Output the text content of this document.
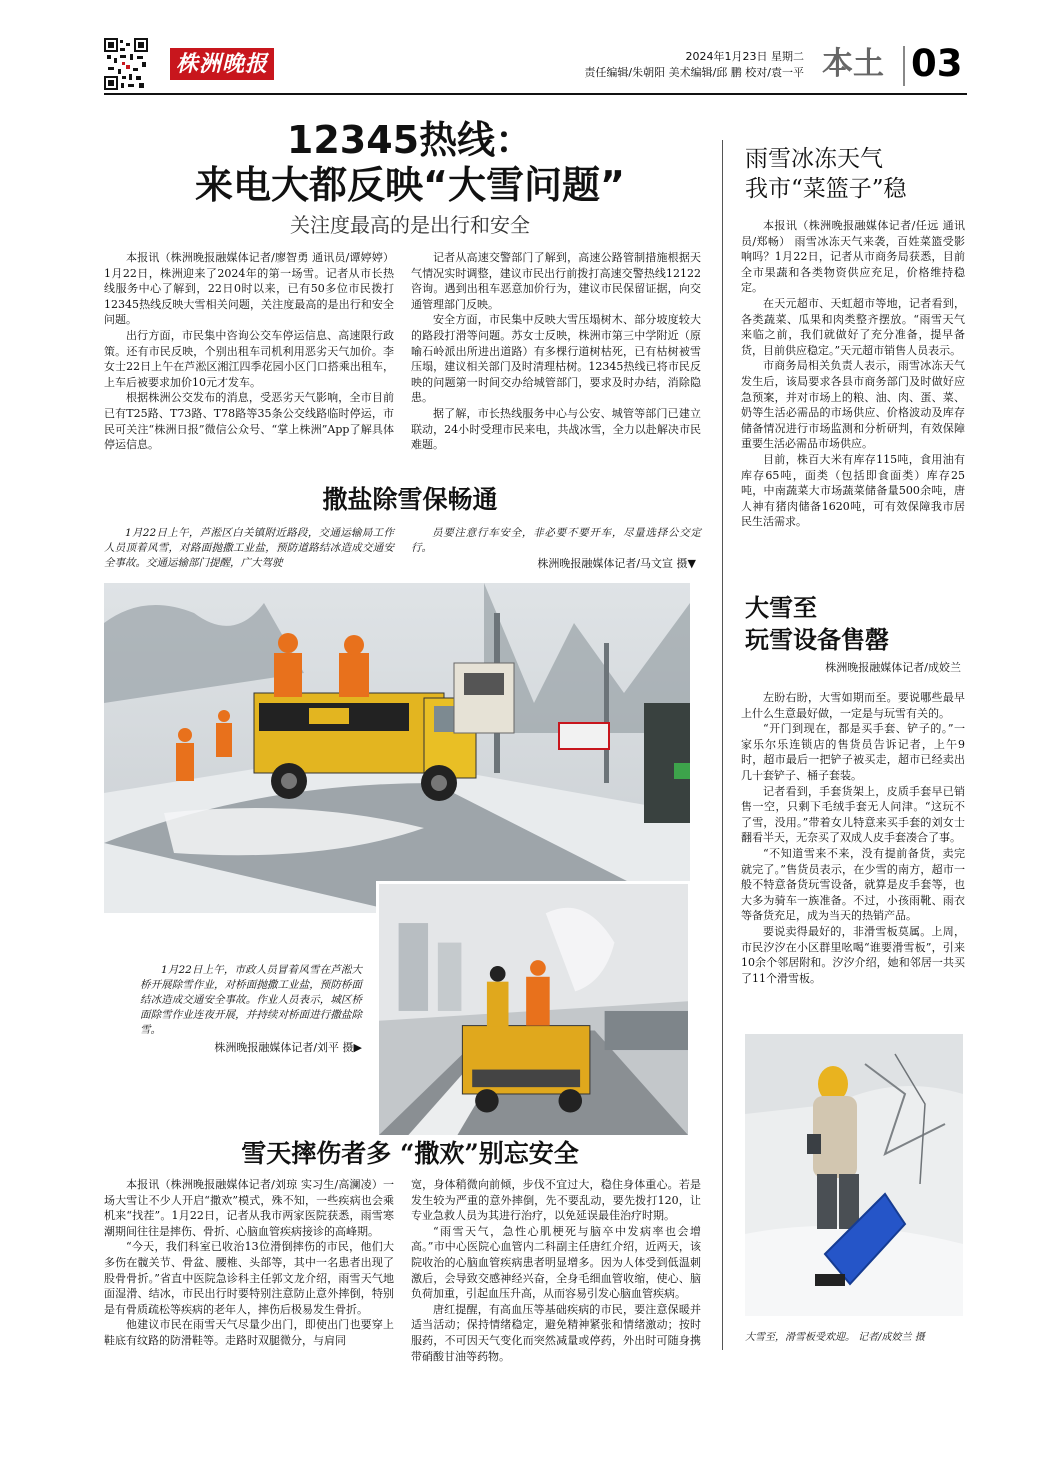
株洲晚报	2024年1月23日 星期二
责任编辑/朱朝阳 美术编辑/邱 鹏 校对/袁一平 本土 03
12345热线：
来电大都反映“大雪问题”
关注度最高的是出行和安全

本报讯（株洲晚报融媒体记者/廖智勇 通讯员/谭婷婷） 1月22日，株洲迎来了2024年的第一场雪。记者从市长热线服务中心了解到，22日0时以来，已有50多位市民拨打12345热线反映大雪相关问题，关注度最高的是出行和安全问题。

出行方面，市民集中咨询公交车停运信息、高速限行政策。还有市民反映，个别出租车司机利用恶劣天气加价。李女士22日上午在芦淞区湘江四季花园小区门口搭乘出租车，上车后被要求加价10元才发车。

根据株洲公交发布的消息，受恶劣天气影响，全市目前已有T25路、T73路、T78路等35条公交线路临时停运，市民可关注“株洲日报”微信公众号、“掌上株洲”App了解具体停运信息。

记者从高速交警部门了解到，高速公路管制措施根据天气情况实时调整，建议市民出行前拨打高速交警热线12122咨询。遇到出租车恶意加价行为，建议市民保留证据，向交通管理部门反映。

安全方面，市民集中反映大雪压塌树木、部分坡度较大的路段打滑等问题。苏女士反映，株洲市第三中学附近（原喻石岭派出所进出道路）有多棵行道树枯死，已有枯树被雪压塌，建议相关部门及时清理枯树。12345热线已将市民反映的问题第一时间交办给城管部门，要求及时办结，消除隐患。

据了解，市长热线服务中心与公安、城管等部门已建立联动，24小时受理市民来电，共战冰雪，全力以赴解决市民难题。

撒盐除雪保畅通

1月22日上午，芦淞区白关镇附近路段，交通运输局工作人员顶着风雪，对路面抛撒工业盐，预防道路结冰造成交通安全事故。交通运输部门提醒，广大驾驶

员要注意行车安全，非必要不要开车，尽量选择公交定行。

株洲晚报融媒体记者/马文宣 摄▼

1月22日上午，市政人员冒着风雪在芦淞大桥开展除雪作业，对桥面抛撒工业盐，预防桥面结冰造成交通安全事故。作业人员表示，城区桥面除雪作业连夜开展，并持续对桥面进行撒盐除雪。

株洲晚报融媒体记者/刘平 摄▶
雪天摔伤者多 “撒欢”别忘安全

本报讯（株洲晚报融媒体记者/刘琼 实习生/高澜凌）一场大雪让不少人开启“撒欢”模式，殊不知，一些疾病也会乘机来“找茬”。1月22日，记者从我市两家医院获悉，雨雪寒潮期间往往是摔伤、骨折、心脑血管疾病接诊的高峰期。

“今天，我们科室已收治13位滑倒摔伤的市民，他们大多伤在髋关节、骨盆、腰椎、头部等，其中一名患者出现了股骨骨折。”省直中医院急诊科主任郭文龙介绍，雨雪天气地面湿滑、结冰，市民出行时要特别注意防止意外摔倒，特别是有骨质疏松等疾病的老年人，摔伤后极易发生骨折。

他建议市民在雨雪天气尽量少出门，即使出门也要穿上鞋底有纹路的防滑鞋等。走路时双腿微分，与肩同

宽，身体稍微向前倾，步伐不宜过大，稳住身体重心。若是发生较为严重的意外摔倒，先不要乱动，要先拨打120，让专业急救人员为其进行治疗，以免延误最佳治疗时期。

“雨雪天气，急性心肌梗死与脑卒中发病率也会增高。”市中心医院心血管内二科副主任唐红介绍，近两天，该院收治的心脑血管疾病患者明显增多。因为人体受到低温刺激后，会导致交感神经兴奋，全身毛细血管收缩，使心、脑负荷加重，引起血压升高，从而容易引发心脑血管疾病。

唐红提醒，有高血压等基础疾病的市民，要注意保暖并适当活动；保持情绪稳定，避免精神紧张和情绪激动；按时服药，不可因天气变化而突然减量或停药，外出时可随身携带硝酸甘油等药物。

雨雪冰冻天气
我市“菜篮子”稳

本报讯（株洲晚报融媒体记者/任远 通讯员/郑畅） 雨雪冰冻天气来袭，百姓菜篮受影响吗？1月22日，记者从市商务局获悉，目前全市果蔬和各类物资供应充足，价格维持稳定。

在天元超市、天虹超市等地，记者看到，各类蔬菜、瓜果和肉类整齐摆放。“雨雪天气来临之前，我们就做好了充分准备，提早备货，目前供应稳定。”天元超市销售人员表示。

市商务局相关负责人表示，雨雪冰冻天气发生后，该局要求各县市商务部门及时做好应急预案，并对市场上的粮、油、肉、蛋、菜、奶等生活必需品的市场供应、价格波动及库存储备情况进行市场监测和分析研判，有效保障重要生活必需品市场供应。

目前，株百大米有库存115吨，食用油有库存65吨，面类（包括即食面类）库存25吨，中南蔬菜大市场蔬菜储备量500余吨，唐人神有猪肉储备1620吨，可有效保障我市居民生活需求。

大雪至
玩雪设备售罄
株洲晚报融媒体记者/成姣兰

左盼右盼，大雪如期而至。要说哪些最早上什么生意最好做，一定是与玩雪有关的。

“开门到现在，都是买手套、铲子的。”一家乐尔乐连锁店的售货员告诉记者，上午9时，超市最后一把铲子被买走，超市已经卖出几十套铲子、桶子套装。

记者看到，手套货架上，皮质手套早已销售一空，只剩下毛绒手套无人问津。“这玩不了雪，没用。”带着女儿特意来买手套的刘女士翻看半天，无奈买了双成人皮手套凑合了事。

“不知道雪来不来，没有提前备货，卖完就完了。”售货员表示，在少雪的南方，超市一般不特意备货玩雪设备，就算是皮手套等，也大多为骑车一族准备。不过，小孩雨靴、雨衣等备货充足，成为当天的热销产品。

要说卖得最好的，非滑雪板莫属。上周，市民汐汐在小区群里吆喝“谁要滑雪板”，引来10余个邻居附和。汐汐介绍，她和邻居一共买了11个滑雪板。

大雪至，滑雪板受欢迎。 记者/成姣兰 摄
